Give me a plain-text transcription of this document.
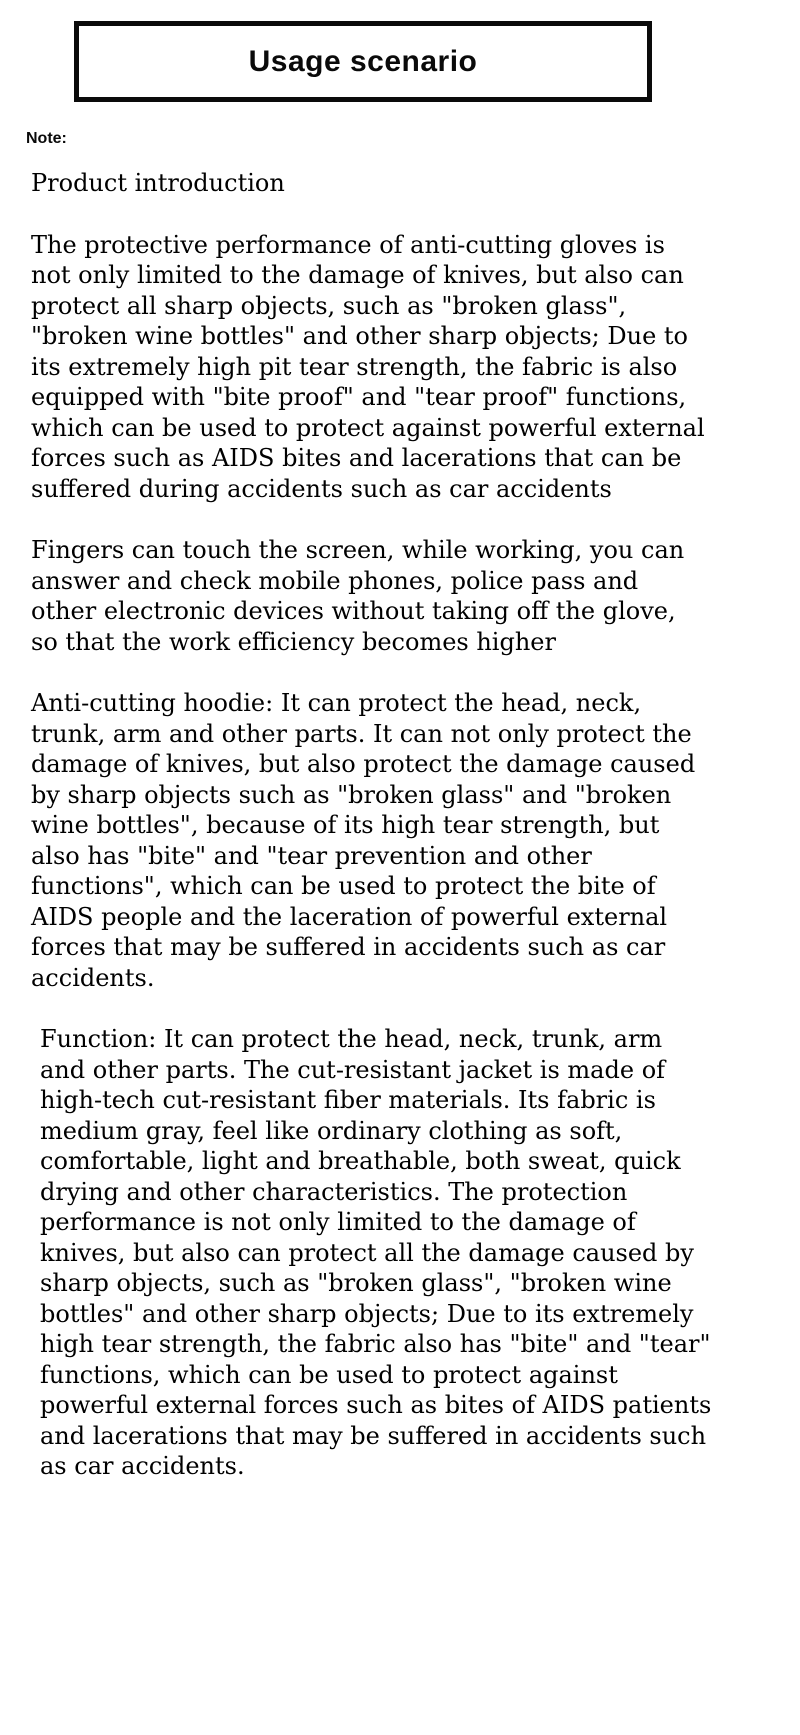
Usage scenario
Note:

Product introduction

The protective performance of anti-cutting gloves is not only limited to the damage of knives, but also can protect all sharp objects, such as "broken glass", "broken wine bottles" and other sharp objects; Due to its extremely high pit tear strength, the fabric is also equipped with "bite proof" and "tear proof" functions, which can be used to protect against powerful external forces such as AIDS bites and lacerations that can be suffered during accidents such as car accidents

Fingers can touch the screen, while working, you can answer and check mobile phones, police pass and other electronic devices without taking off the glove, so that the work efficiency becomes higher

Anti-cutting hoodie: It can protect the head, neck, trunk, arm and other parts. It can not only protect the damage of knives, but also protect the damage caused by sharp objects such as "broken glass" and "broken wine bottles", because of its high tear strength, but also has "bite" and "tear prevention and other functions", which can be used to protect the bite of AIDS people and the laceration of powerful external forces that may be suffered in accidents such as car accidents.

Function: It can protect the head, neck, trunk, arm and other parts. The cut-resistant jacket is made of high-tech cut-resistant fiber materials. Its fabric is medium gray, feel like ordinary clothing as soft, comfortable, light and breathable, both sweat, quick drying and other characteristics. The protection performance is not only limited to the damage of knives, but also can protect all the damage caused by sharp objects, such as "broken glass", "broken wine bottles" and other sharp objects; Due to its extremely high tear strength, the fabric also has "bite" and "tear" functions, which can be used to protect against powerful external forces such as bites of AIDS patients and lacerations that may be suffered in accidents such as car accidents.
